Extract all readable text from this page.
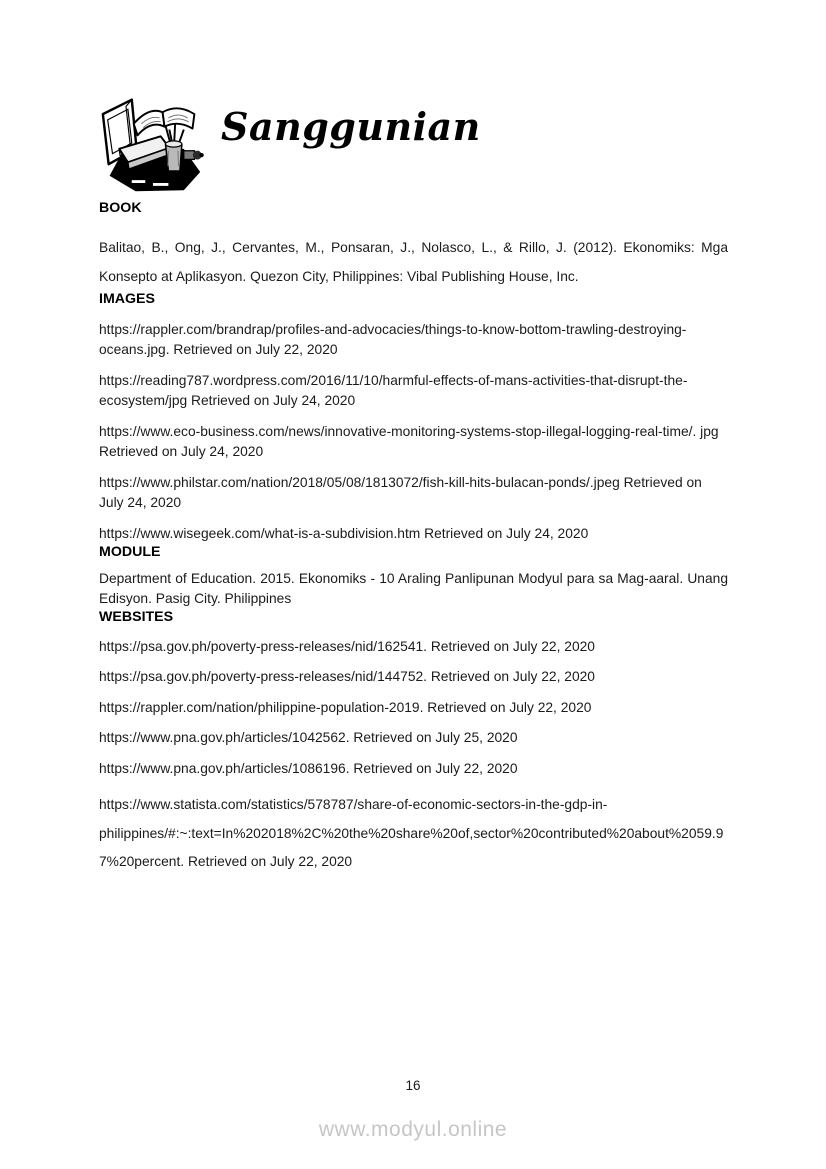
Sanggunian
BOOK

Balitao, B., Ong, J., Cervantes, M., Ponsaran, J., Nolasco, L., & Rillo, J. (2012). Ekonomiks: Mga Konsepto at Aplikasyon. Quezon City, Philippines: Vibal Publishing House, Inc.

IMAGES

https://rappler.com/brandrap/profiles-and-advocacies/things-to-know-bottom-trawling-destroying-oceans.jpg. Retrieved on July 22, 2020

https://reading787.wordpress.com/2016/11/10/harmful-effects-of-mans-activities-that-disrupt-the-ecosystem/jpg Retrieved on July 24, 2020

https://www.eco-business.com/news/innovative-monitoring-systems-stop-illegal-logging-real-time/. jpg Retrieved on July 24, 2020

https://www.philstar.com/nation/2018/05/08/1813072/fish-kill-hits-bulacan-ponds/.jpeg Retrieved on July 24, 2020

https://www.wisegeek.com/what-is-a-subdivision.htm Retrieved on July 24, 2020

MODULE

Department of Education. 2015. Ekonomiks - 10 Araling Panlipunan Modyul para sa Mag-aaral. Unang Edisyon. Pasig City. Philippines

WEBSITES

https://psa.gov.ph/poverty-press-releases/nid/162541. Retrieved on July 22, 2020

https://psa.gov.ph/poverty-press-releases/nid/144752. Retrieved on July 22, 2020

https://rappler.com/nation/philippine-population-2019. Retrieved on July 22, 2020

https://www.pna.gov.ph/articles/1042562. Retrieved on July 25, 2020

https://www.pna.gov.ph/articles/1086196. Retrieved on July 22, 2020

https://www.statista.com/statistics/578787/share-of-economic-sectors-in-the-gdp-in-philippines/#:~:text=In%202018%2C%20the%20share%20of,sector%20contributed%20about%2059.97%20percent. Retrieved on July 22, 2020

16
www.modyul.online
